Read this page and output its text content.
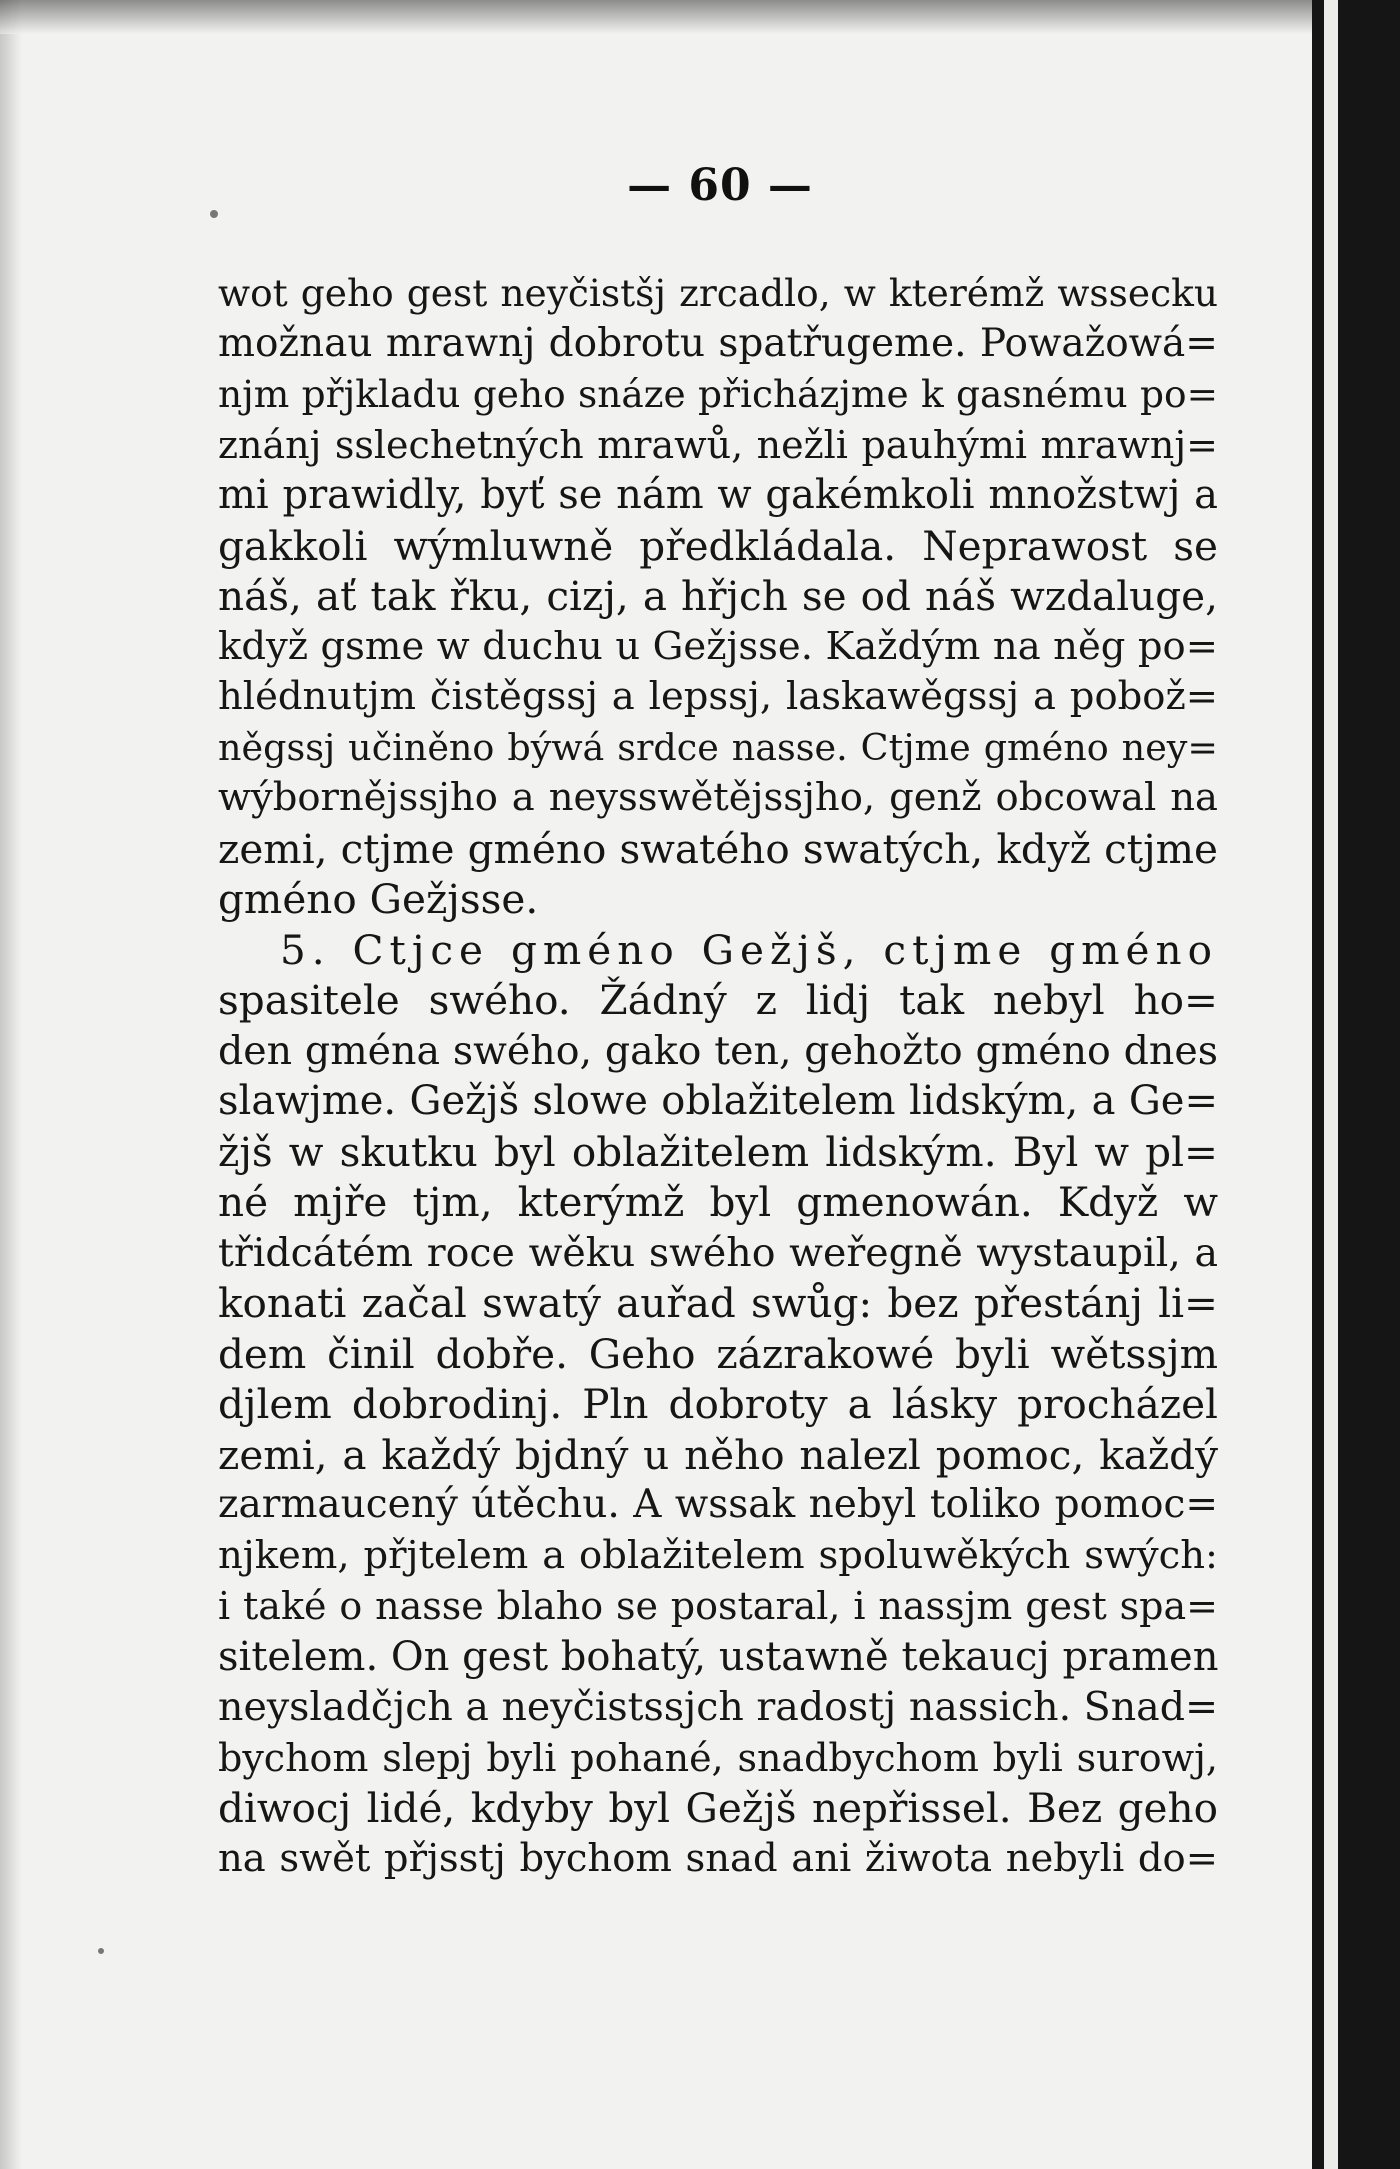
— 60 —
wot geho gest neyčistšj zrcadlo, w kterémž wssecku
možnau mrawnj dobrotu spatřugeme. Powažowá=
njm přjkladu geho snáze přicházjme k gasnému po=
znánj sslechetných mrawů, nežli pauhými mrawnj=
mi prawidly, byť se nám w gakémkoli množstwj a
gakkoli wýmluwně předkládala. Neprawost se
náš, ať tak řku, cizj, a hřjch se od náš wzdaluge,
když gsme w duchu u Gežjsse. Každým na něg po=
hlédnutjm čistěgssj a lepssj, laskawěgssj a pobož=
něgssj učiněno býwá srdce nasse. Ctjme gméno ney=
wýbornějssjho a neysswětějssjho, genž obcowal na
zemi, ctjme gméno swatého swatých, když ctjme
gméno Gežjsse.
5. Ctjce gméno Gežjš, ctjme gméno
spasitele swého. Žádný z lidj tak nebyl ho=
den gména swého, gako ten, gehožto gméno dnes
slawjme. Gežjš slowe oblažitelem lidským, a Ge=
žjš w skutku byl oblažitelem lidským. Byl w pl=
né mjře tjm, kterýmž byl gmenowán. Když w
třidcátém roce wěku swého weřegně wystaupil, a
konati začal swatý auřad swůg: bez přestánj li=
dem činil dobře. Geho zázrakowé byli wětssjm
djlem dobrodinj. Pln dobroty a lásky procházel
zemi, a každý bjdný u něho nalezl pomoc, každý
zarmaucený útěchu. A wssak nebyl toliko pomoc=
njkem, přjtelem a oblažitelem spoluwěkých swých:
i také o nasse blaho se postaral, i nassjm gest spa=
sitelem. On gest bohatý, ustawně tekaucj pramen
neysladčjch a neyčistssjch radostj nassich. Snad=
bychom slepj byli pohané, snadbychom byli surowj,
diwocj lidé, kdyby byl Gežjš nepřissel. Bez geho
na swět přjsstj bychom snad ani žiwota nebyli do=
